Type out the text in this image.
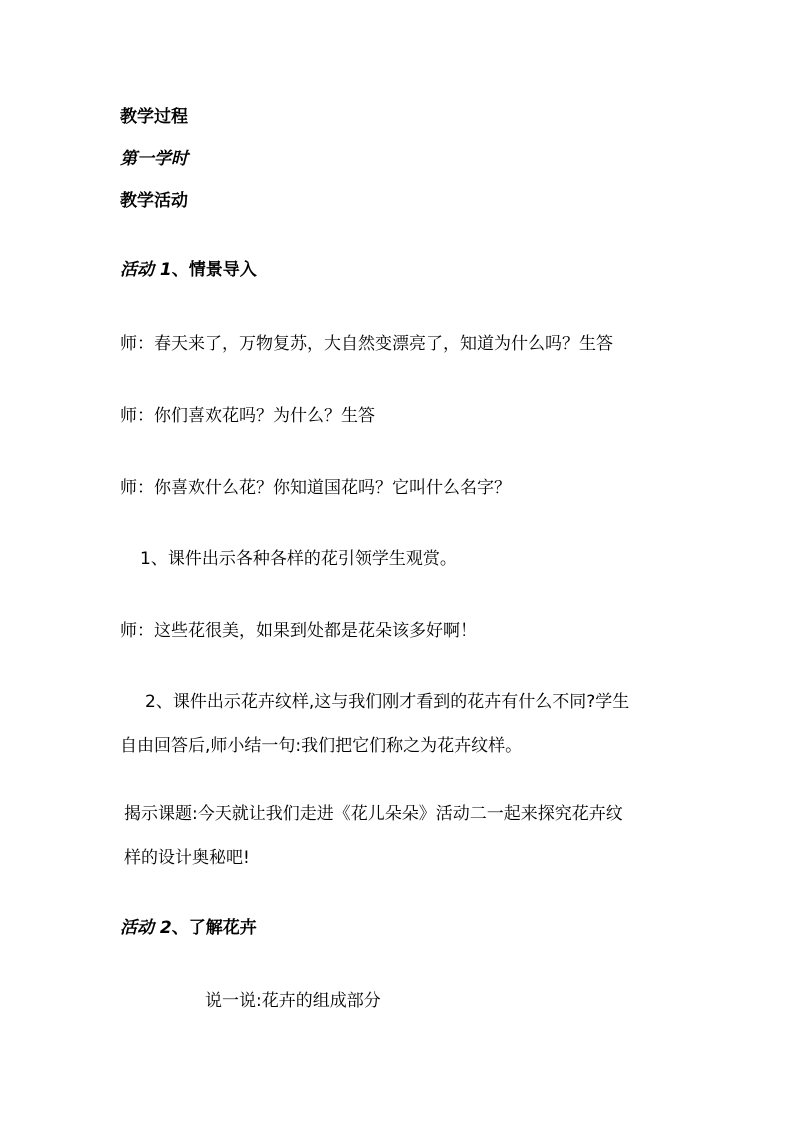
教学过程
第一学时
教学活动
活动 1、情景导入
师：春天来了，万物复苏，大自然变漂亮了，知道为什么吗？生答
师：你们喜欢花吗？为什么？生答
师：你喜欢什么花？你知道国花吗？它叫什么名字？
1、课件出示各种各样的花引领学生观赏。
师：这些花很美，如果到处都是花朵该多好啊！
2、课件出示花卉纹样,这与我们刚才看到的花卉有什么不同?学生
自由回答后,师小结一句:我们把它们称之为花卉纹样。
揭示课题:今天就让我们走进《花儿朵朵》活动二一起来探究花卉纹
样的设计奥秘吧!
活动 2、了解花卉
说一说:花卉的组成部分
